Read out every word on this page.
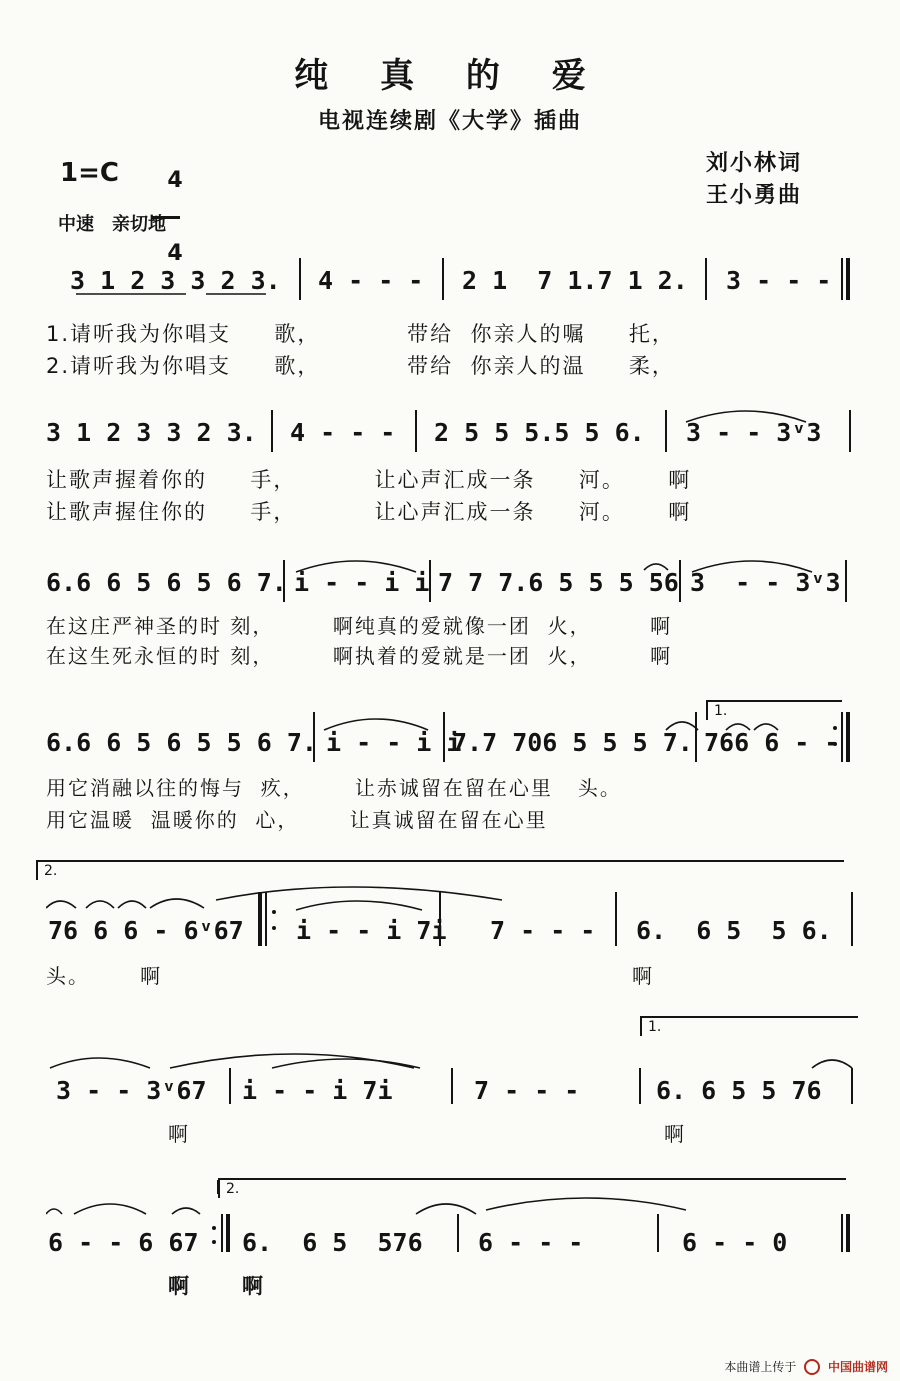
纯 真 的 爱
电视连续剧《大学》插曲
1=C	4

4

刘小林词
王小勇曲
中速　亲切地
3 1 2 3 3 2 3. 4 - - - 2 1  7 1.7 1 2. 3 - - -
1.请听我为你唱支     歌，          带给  你亲人的嘱     托，
2.请听我为你唱支     歌，          带给  你亲人的温     柔，
3 1 2 3 3 2 3. 4 - - - 2 5 5 5.5 5 6. 3 - - 3ᵛ3
让歌声握着你的     手，         让心声汇成一条     河。     啊
让歌声握住你的     手，         让心声汇成一条     河。     啊
6.6 6 5 6 5 6 7. i - - i i 7 7 7.6 5 5 5 56 3  - - 3ᵛ3
在这庄严神圣的时 刻，       啊纯真的爱就像一团  火，       啊
在这生死永恒的时 刻，       啊执着的爱就是一团  火，       啊
1.
6.6 6 5 6 5 5 6 7. i - - i i
7.7 706 5 5 5 7. 766 6 - -
用它消融以往的悔与  疚，      让赤诚留在留在心里   头。
用它温暖  温暖你的  心，      让真诚留在留在心里
2.
76 6 6 - 6ᵛ67 i - - i 7i 7 - - - 6.  6 5  5 6.
头。      啊	啊
1.
3 - - 3ᵛ67 i - - i 7i	7 - - -	6. 6 5 5 76
啊	啊
2.
6 - - 6 67 6.  6 5  576 6 - - -	6 - - 0
啊	啊
本曲谱上传于	中国曲谱网
